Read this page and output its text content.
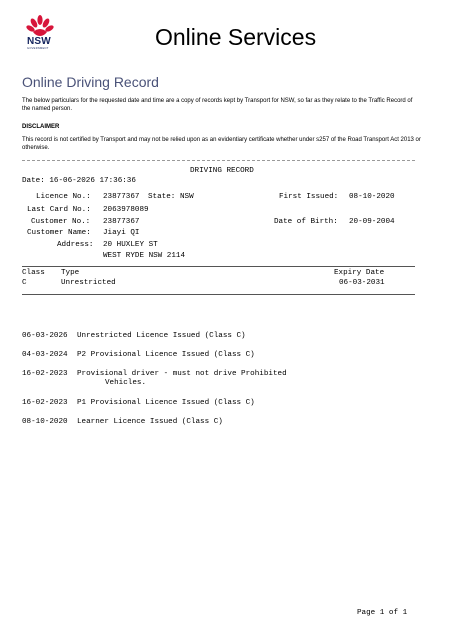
NSW
GOVERNMENT	Online Services
Online Driving Record
The below particulars for the requested date and time are a copy of records kept by Transport for NSW, so far as they relate to the Traffic Record of the named person.
DISCLAIMER
This record is not certified by Transport and may not be relied upon as an evidentiary certificate whether under s257 of the Road Transport Act 2013 or otherwise.
DRIVING RECORD
Date: 16-06-2026 17:36:36
Licence No.: 23877367 State: NSW	First Issued: 08-10-2020
Last Card No.: 2063978089
Customer No.: 23877367	Date of Birth: 20-09-2004
Customer Name: Jiayi QI
Address: 20 HUXLEY ST
WEST RYDE NSW 2114
Class Type	Expiry Date
C	Unrestricted	06-03-2031
06-03-2026 Unrestricted Licence Issued (Class C)
04-03-2024 P2 Provisional Licence Issued (Class C)
16-02-2023 Provisional driver - must not drive Prohibited
Vehicles.
16-02-2023 P1 Provisional Licence Issued (Class C)
08-10-2020 Learner Licence Issued (Class C)
Page 1 of 1
